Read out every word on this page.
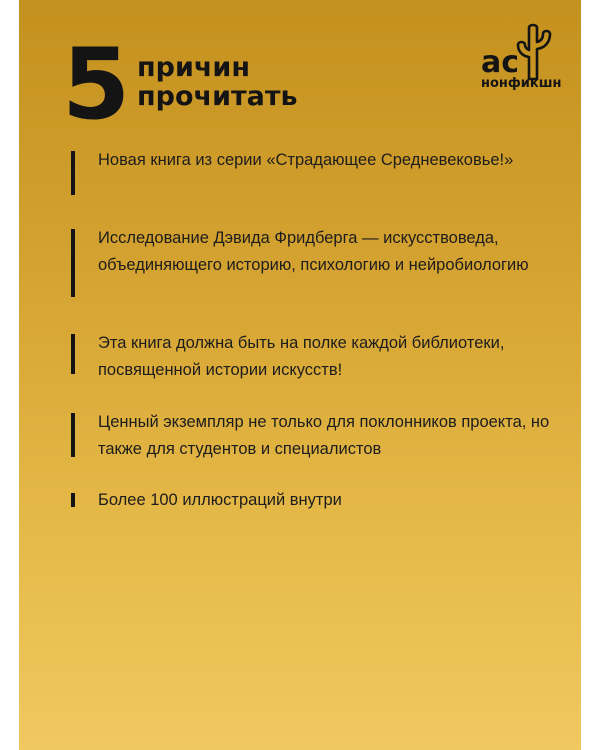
5 причин
прочитать
ас
нонфикшн
Новая книга из серии «Страдающее Средневековье!»
Исследование Дэвида Фридберга — искусствоведа, объединяющего историю, психологию и нейробиологию
Эта книга должна быть на полке каждой библиотеки, посвященной истории искусств!
Ценный экземпляр не только для поклонников проекта, но также для студентов и специалистов
Более 100 иллюстраций внутри
